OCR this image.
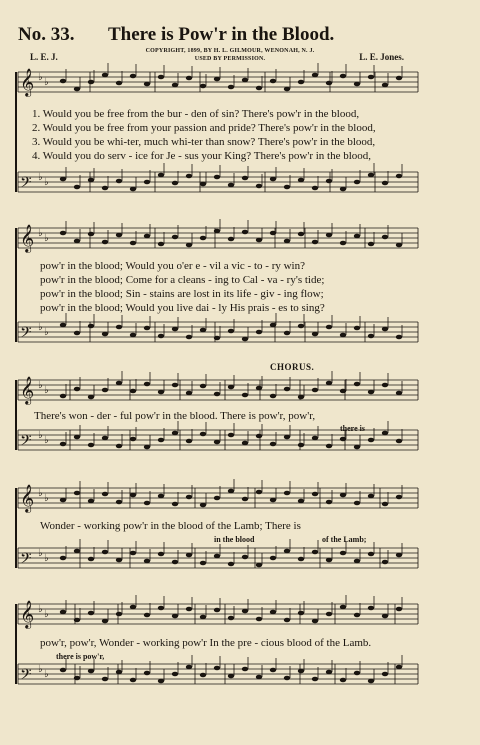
No. 33. There is Pow'r in the Blood.
L. E. J.
COPYRIGHT, 1899, BY H. L. GILMOUR, WENONAH, N. J.
USED BY PERMISSION.	L. E. Jones.
𝄞 ♭ ♭
𝄢 ♭ ♭
𝄞 ♭ ♭
𝄢 ♭ ♭
𝄞 ♭ ♭
𝄢 ♭ ♭
𝄞 ♭ ♭
𝄢 ♭ ♭
𝄞 ♭ ♭
𝄢 ♭ ♭
1. Would you be free from the bur - den of sin? There's pow'r in the blood,
2. Would you be free from your passion and pride? There's pow'r in the blood,
3. Would you be whi-ter, much whi-ter than snow? There's pow'r in the blood,
4. Would you do serv - ice for Je - sus your King? There's pow'r in the blood,
pow'r in the blood; Would you o'er e - vil a vic - to - ry win?
pow'r in the blood; Come for a cleans - ing to Cal - va - ry's tide;
pow'r in the blood; Sin - stains are lost in its life - giv - ing flow;
pow'r in the blood; Would you live dai - ly His prais - es to sing?
CHORUS.
There's won - der - ful pow'r in the blood. There is pow'r, pow'r,
there is
Wonder - working pow'r in the blood of the Lamb; There is
in the blood	of the Lamb;
pow'r, pow'r, Wonder - working pow'r In the pre - cious blood of the Lamb.
there is pow'r,
